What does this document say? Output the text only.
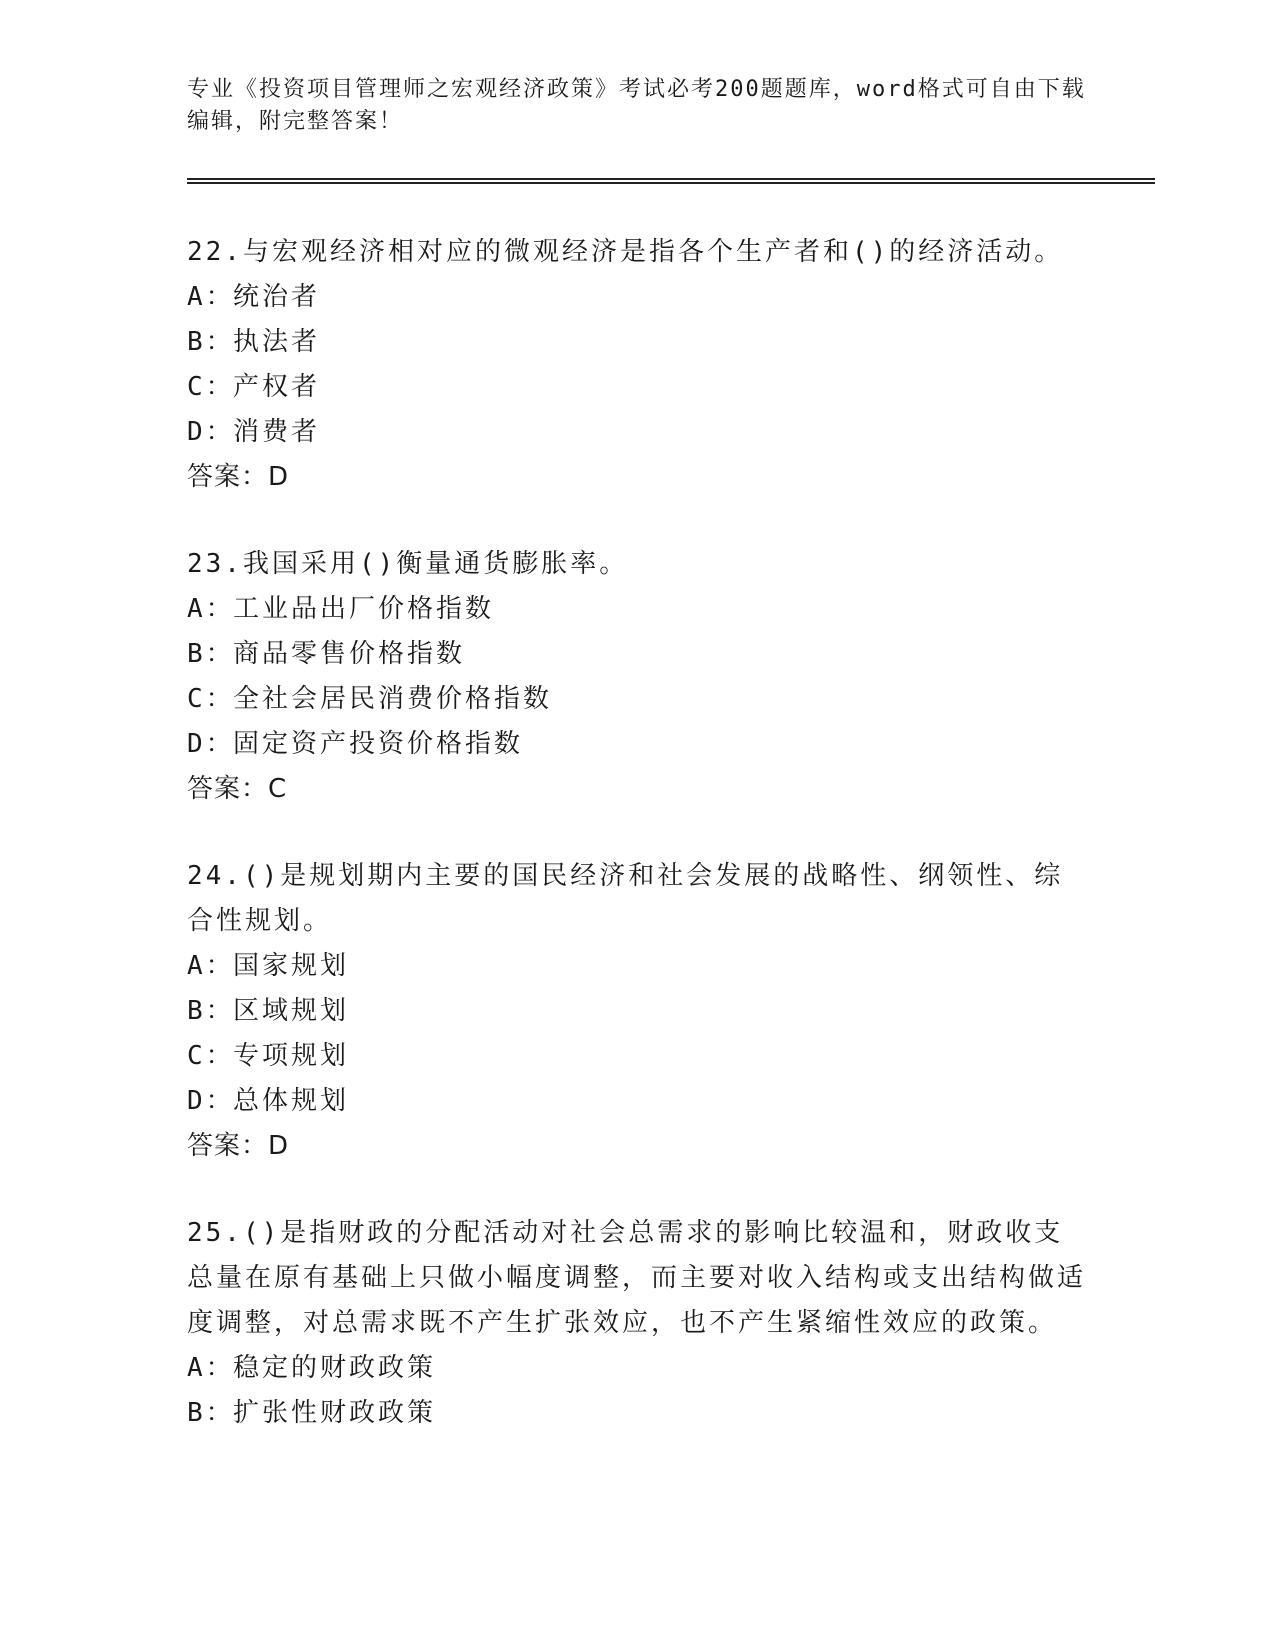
专业《投资项目管理师之宏观经济政策》考试必考200题题库，word格式可自由下载编辑，附完整答案！
22.与宏观经济相对应的微观经济是指各个生产者和()的经济活动。
A：
统治者
B：
执法者
C：
产权者
D：
消费者
答案：D
23.我国采用()衡量通货膨胀率。
A：
工业品出厂价格指数
B：
商品零售价格指数
C：
全社会居民消费价格指数
D：
固定资产投资价格指数
答案：C
24.()是规划期内主要的国民经济和社会发展的战略性、纲领性、综合性规划。
A：
国家规划
B：
区域规划
C：
专项规划
D：
总体规划
答案：D
25.()是指财政的分配活动对社会总需求的影响比较温和，财政收支总量在原有基础上只做小幅度调整，而主要对收入结构或支出结构做适度调整，对总需求既不产生扩张效应，也不产生紧缩性效应的政策。
A：
稳定的财政政策
B：
扩张性财政政策
